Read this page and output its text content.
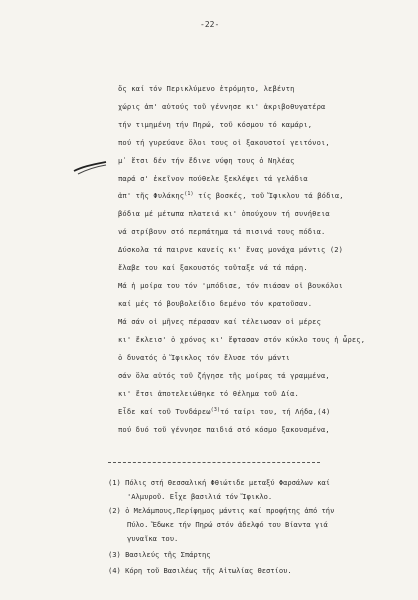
-22-
ὅς καί τόν Περικλύμενο ἐτρόμητο, λεβέντη
χώρις ἀπ' αὐτούς τοῦ γέννησε κι' ἀκριβοθυγατέρα
τήν τιμημένη τήν Πηρώ, τοῦ κόσμου τό καμάρι,
πού τή γυρεύανε ὅλοι τους οἱ ξακουστοί γειτόνοι,
μ᾽ ἔτσι δέν τήν ἔδινε νύφη τους ὁ Νηλέας
παρά σ' ἐκεῖνον πούθελε ξεκλέψει τά γελάδια
ἀπ' τῆς Φυλάκης$^{(1)}$ τίς βοσκές, τοῦ Ἴφικλου τά βόδια,
βόδια μέ μέτωπα πλατειά κι' ὁπούχουν τή συνήθεια
νά στρίβουν στό περπάτημα τά πισινά τους πόδια.
Δύσκολα τά παιρνε κανείς κι' ἕνας μονάχα μάντις (2)
ἔλαβε του καί ξακουστός τοῦταξε νά τά πάρη.
Μά ἡ μοίρα του τόν 'μπόδισε, τόν πιάσαν οἱ βουκόλοι
καί μές τό βουβολείδιο δεμένο τόν κρατοῦσαν.
Μά σάν οἱ μῆνες πέρασαν καί τέλειωσαν οἱ μέρες
κι' ἔκλεισ' ὁ χρόνος κι' ἔφτασαν στόν κύκλο τους ἡ ὧρες,
ὁ δυνατός ὁ Ἴφικλος τόν ἔλυσε τόν μάντι
σάν ὅλα αὐτός τοῦ ζήγησε τῆς μοίρας τά γραμμένα,
κι' ἔτσι ἀποτελειώθηκε τό θέλημα τοῦ Δία.
Εἶδε καί τοῦ Τυνδάρεω$^{(3)}$τό ταίρι του, τή Λήδα,(4)
πού δυό τοῦ γέννησε παιδιά στό κόσμο ξακουσμένα,
(1) Πόλις στή Θεσσαλική Φθιώτιδε μεταξύ Φαρσάλων καί
'Αλμυροῦ. Εἶχε βασιλιά τόν Ἴφικλο.
(2) ὁ Μελάμπους,Περίφημος μάντις καί προφήτης ἀπό τήν
Πύλο. Ἔδωκε τήν Πηρώ στόν ἀδελφό του Βίαντα γιά
γυναῖκα του.
(3) Βασιλεύς τῆς Σπάρτης
(4) Κόρη τοῦ Βασιλέως τῆς Αἰτωλίας Θεστίου.
